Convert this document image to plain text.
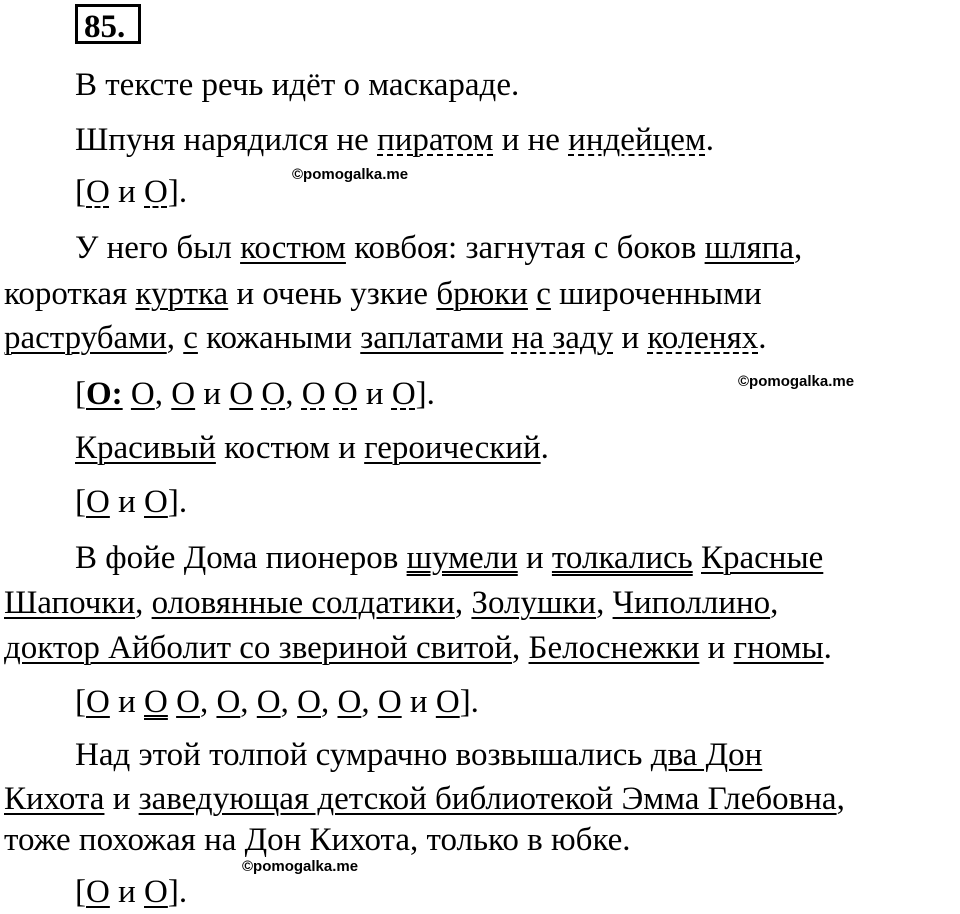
85.
В тексте речь идёт о маскараде.
Шпуня нарядился не пиратом и не индейцем.
[О и О].
У него был костюм ковбоя: загнутая с боков шляпа,
короткая куртка и очень узкие брюки с широченными
раструбами, с кожаными заплатами на заду и коленях.
[О: О, О и О О, О О и О].
Красивый костюм и героический.
[О и О].
В фойе Дома пионеров шумели и толкались Красные
Шапочки, оловянные солдатики, Золушки, Чиполлино,
доктор Айболит со звериной свитой, Белоснежки и гномы.
[О и О О, О, О, О, О, О и О].
Над этой толпой сумрачно возвышались два Дон
Кихота и заведующая детской библиотекой Эмма Глебовна,
тоже похожая на Дон Кихота, только в юбке.
[О и О].
©pomogalka.me
©pomogalka.me
©pomogalka.me
